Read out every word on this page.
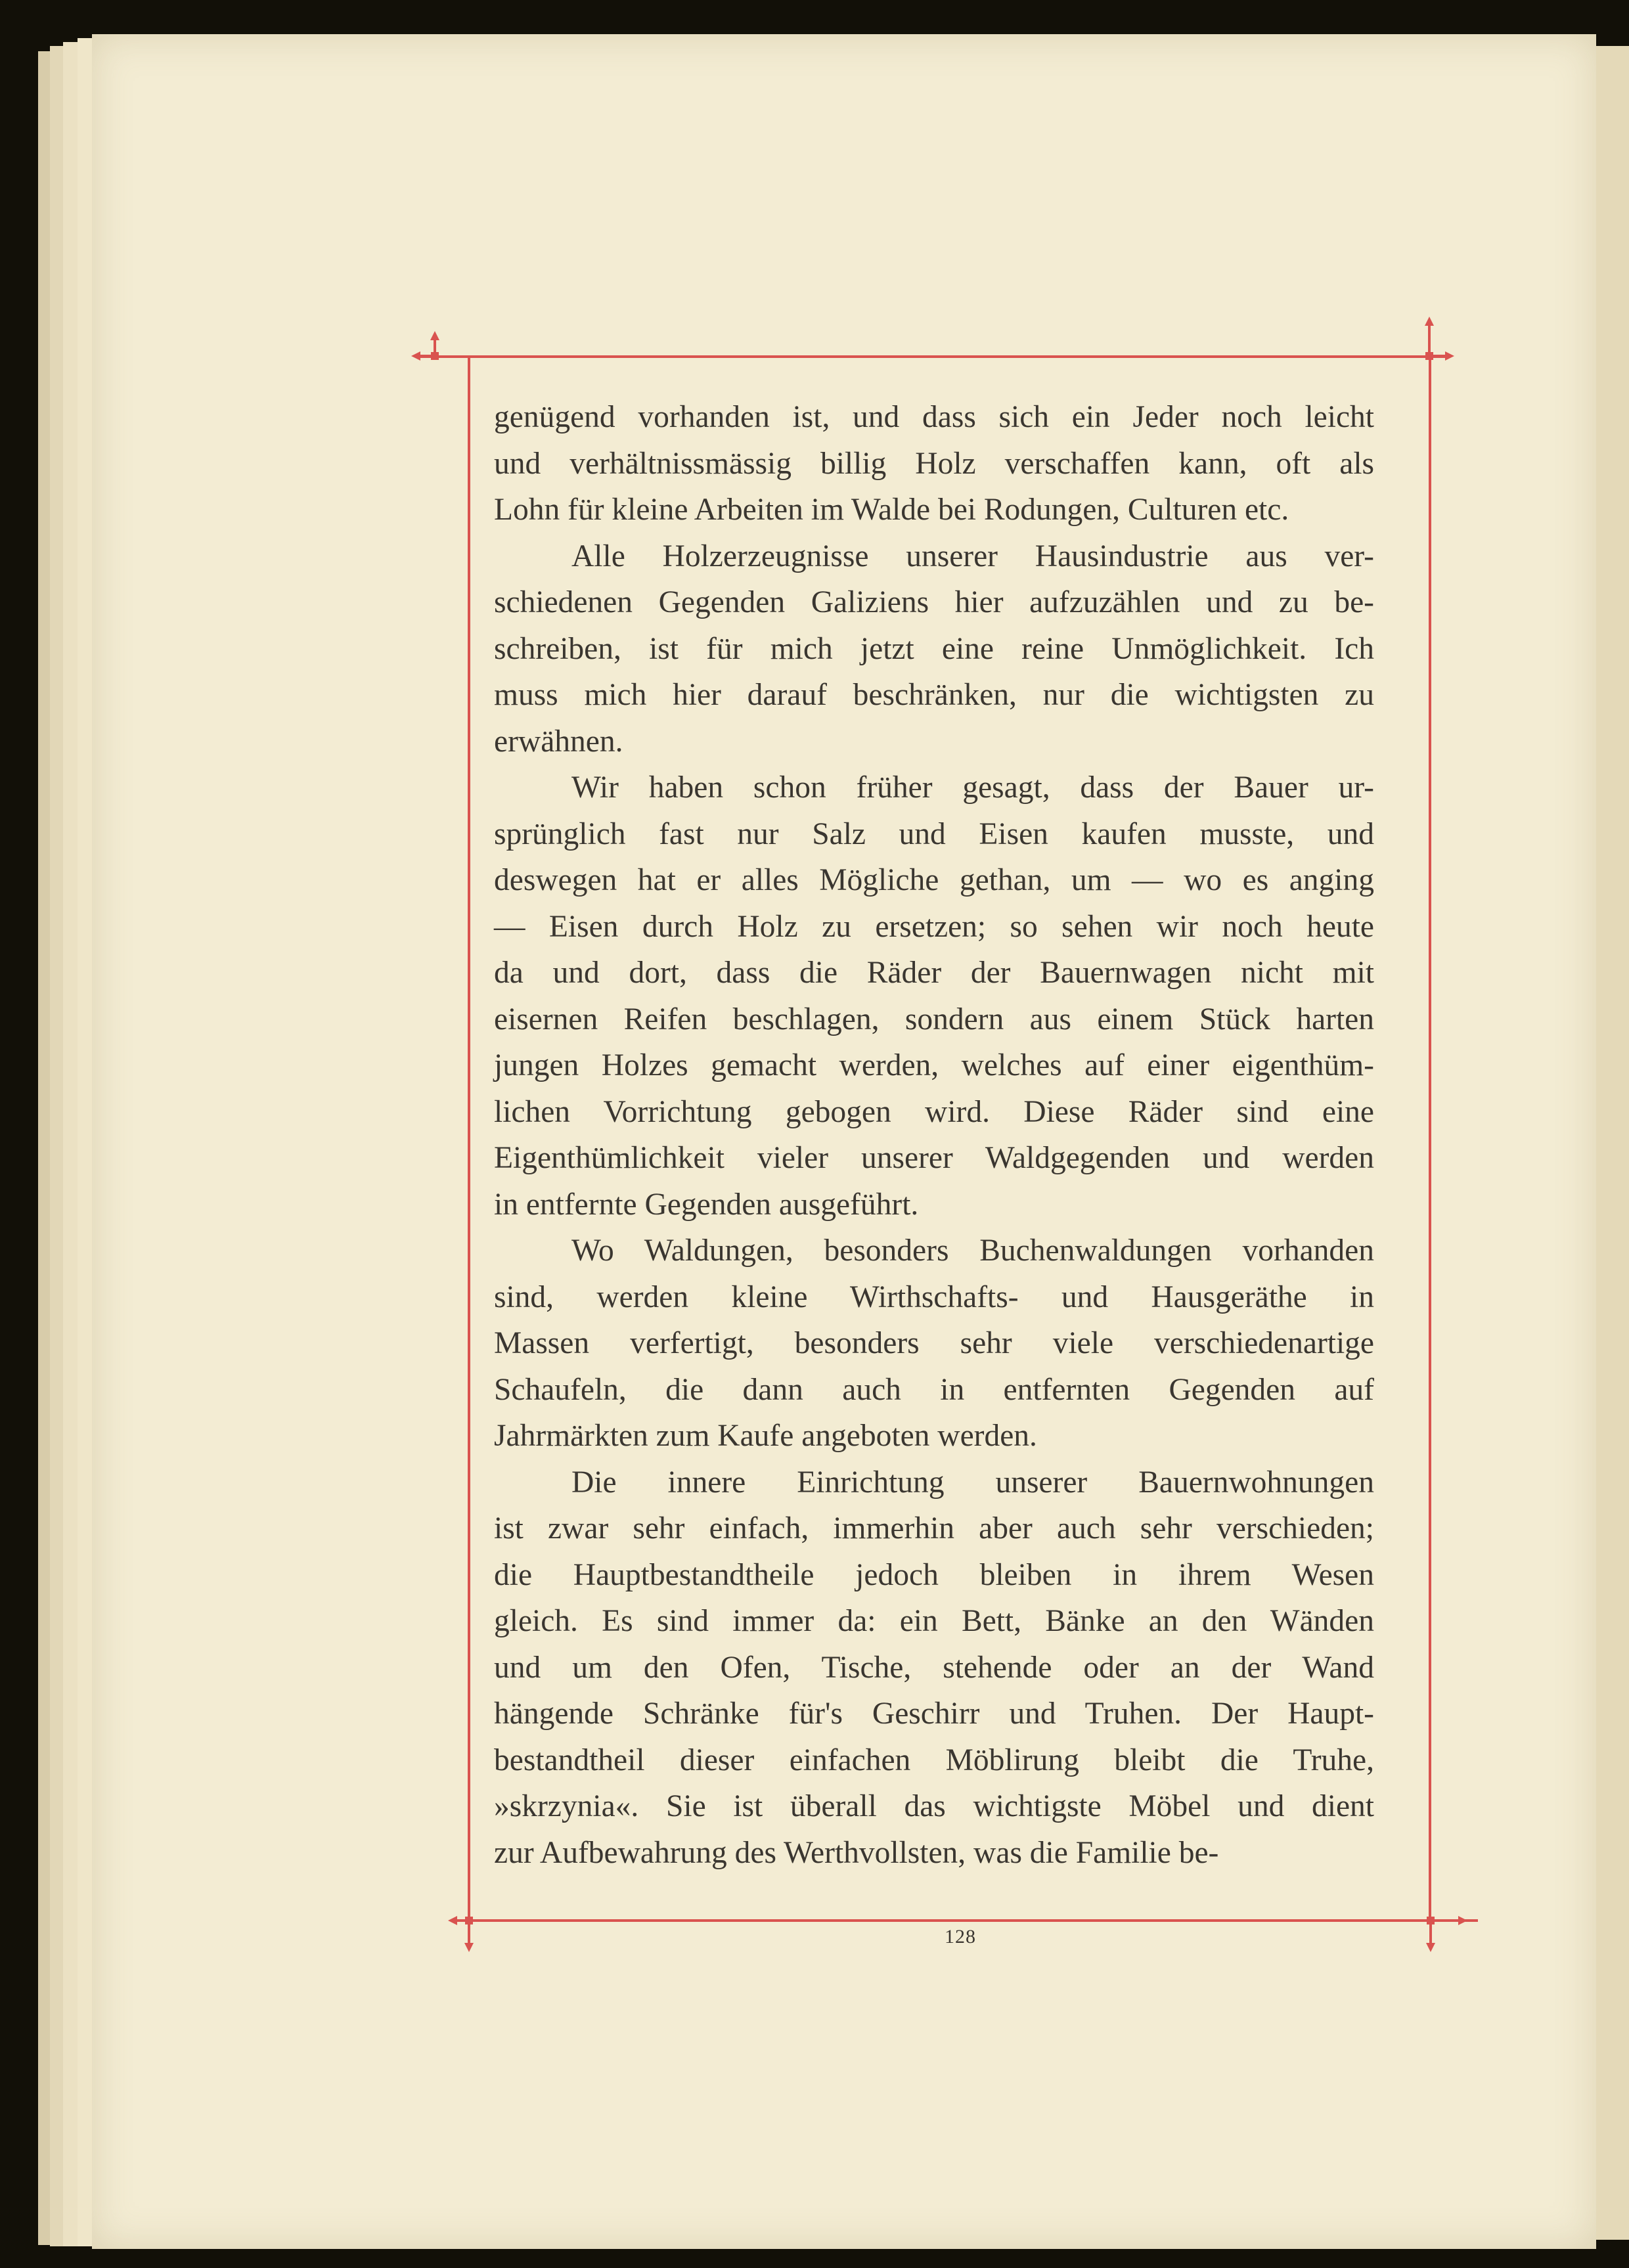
genügend vorhanden ist, und dass sich ein Jeder noch leicht
und verhältnissmässig billig Holz verschaffen kann, oft als
Lohn für kleine Arbeiten im Walde bei Rodungen, Culturen etc.

Alle Holzerzeugnisse unserer Hausindustrie aus ver-
schiedenen Gegenden Galiziens hier aufzuzählen und zu be-
schreiben, ist für mich jetzt eine reine Unmöglichkeit. Ich
muss mich hier darauf beschränken, nur die wichtigsten zu
erwähnen.

Wir haben schon früher gesagt, dass der Bauer ur-
sprünglich fast nur Salz und Eisen kaufen musste, und
deswegen hat er alles Mögliche gethan, um — wo es anging
— Eisen durch Holz zu ersetzen; so sehen wir noch heute
da und dort, dass die Räder der Bauernwagen nicht mit
eisernen Reifen beschlagen, sondern aus einem Stück harten
jungen Holzes gemacht werden, welches auf einer eigenthüm-
lichen Vorrichtung gebogen wird. Diese Räder sind eine
Eigenthümlichkeit vieler unserer Waldgegenden und werden
in entfernte Gegenden ausgeführt.

Wo Waldungen, besonders Buchenwaldungen vorhanden
sind, werden kleine Wirthschafts- und Hausgeräthe in
Massen verfertigt, besonders sehr viele verschiedenartige
Schaufeln, die dann auch in entfernten Gegenden auf
Jahrmärkten zum Kaufe angeboten werden.

Die innere Einrichtung unserer Bauernwohnungen
ist zwar sehr einfach, immerhin aber auch sehr verschieden;
die Hauptbestandtheile jedoch bleiben in ihrem Wesen
gleich. Es sind immer da: ein Bett, Bänke an den Wänden
und um den Ofen, Tische, stehende oder an der Wand
hängende Schränke für's Geschirr und Truhen. Der Haupt-
bestandtheil dieser einfachen Möblirung bleibt die Truhe,
»skrzynia«. Sie ist überall das wichtigste Möbel und dient
zur Aufbewahrung des Werthvollsten, was die Familie be-

128
